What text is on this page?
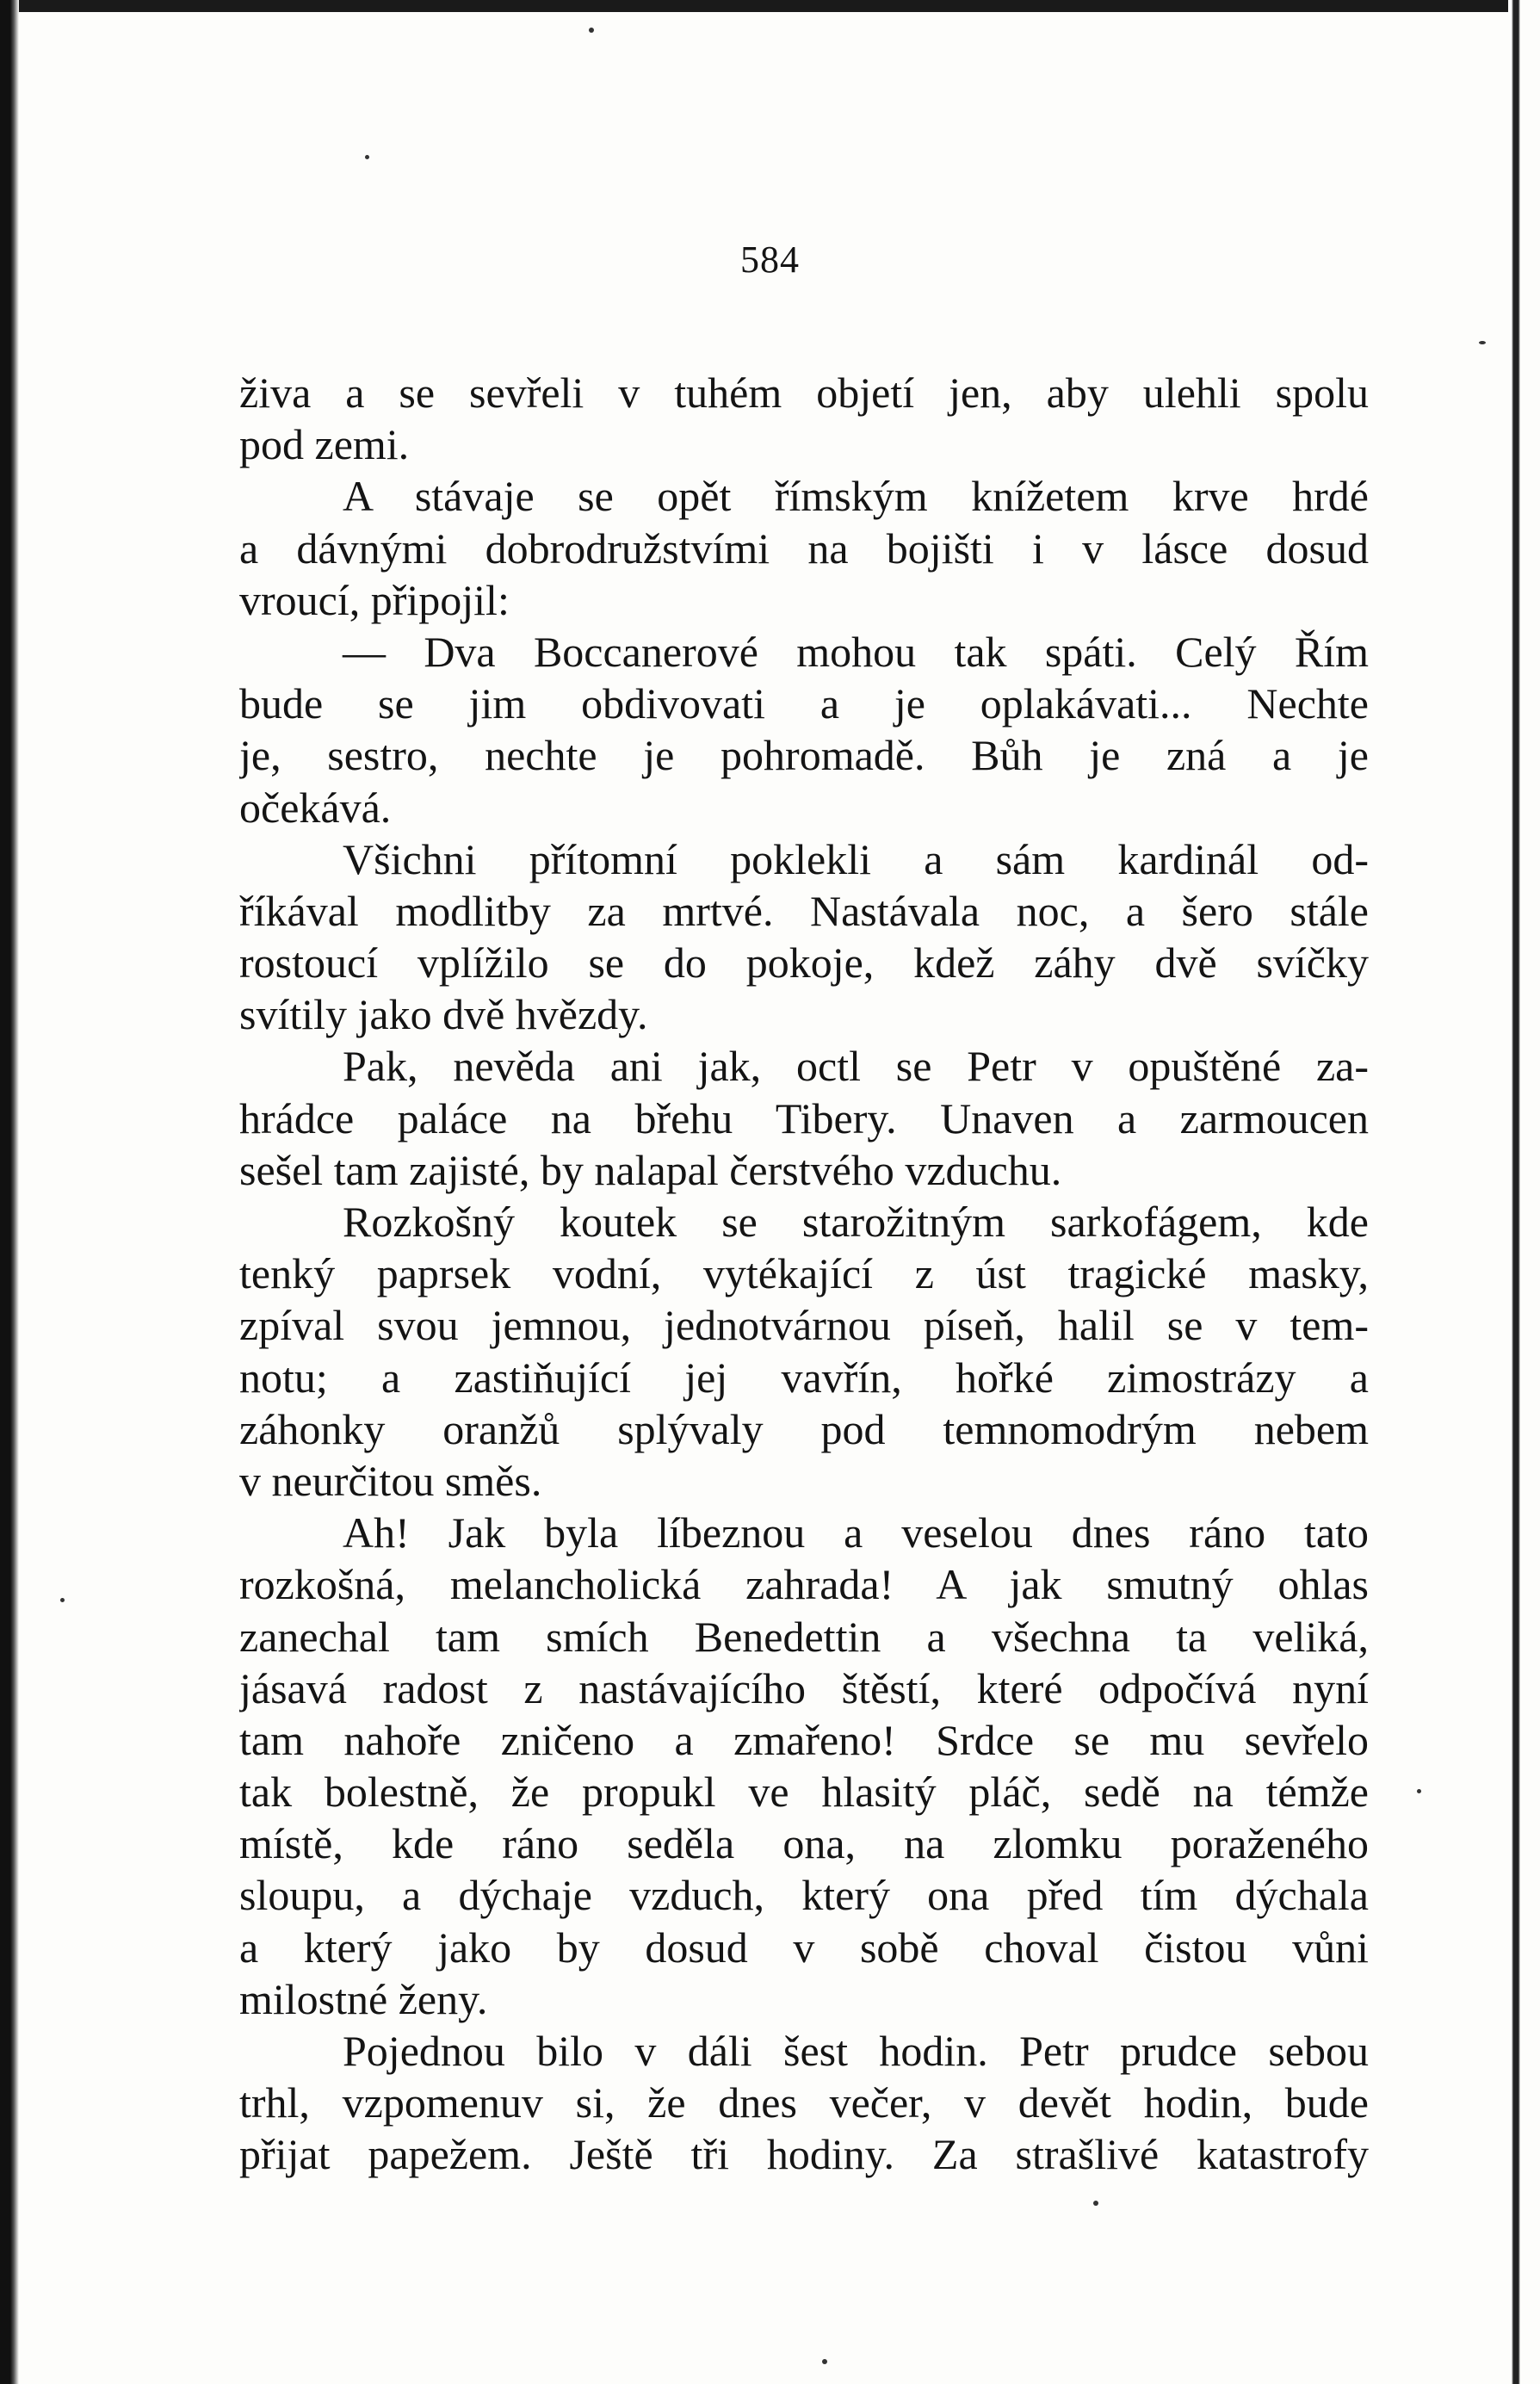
584
živa a se sevřeli v tuhém objetí jen, aby ulehli spolu
pod zemi.
A stávaje se opět římským knížetem krve hrdé
a dávnými dobrodružstvími na bojišti i v lásce dosud
vroucí, připojil:
— Dva Boccanerové mohou tak spáti. Celý Řím
bude se jim obdivovati a je oplakávati... Nechte
je, sestro, nechte je pohromadě. Bůh je zná a je
očekává.
Všichni přítomní poklekli a sám kardinál od-
říkával modlitby za mrtvé. Nastávala noc, a šero stále
rostoucí vplížilo se do pokoje, kdež záhy dvě svíčky
svítily jako dvě hvězdy.
Pak, nevěda ani jak, octl se Petr v opuštěné za-
hrádce paláce na břehu Tibery. Unaven a zarmoucen
sešel tam zajisté, by nalapal čerstvého vzduchu.
Rozkošný koutek se starožitným sarkofágem, kde
tenký paprsek vodní, vytékající z úst tragické masky,
zpíval svou jemnou, jednotvárnou píseň, halil se v tem-
notu; a zastiňující jej vavřín, hořké zimostrázy a
záhonky oranžů splývaly pod temnomodrým nebem
v neurčitou směs.
Ah! Jak byla líbeznou a veselou dnes ráno tato
rozkošná, melancholická zahrada! A jak smutný ohlas
zanechal tam smích Benedettin a všechna ta veliká,
jásavá radost z nastávajícího štěstí, které odpočívá nyní
tam nahoře zničeno a zmařeno! Srdce se mu sevřelo
tak bolestně, že propukl ve hlasitý pláč, sedě na témže
místě, kde ráno seděla ona, na zlomku poraženého
sloupu, a dýchaje vzduch, který ona před tím dýchala
a který jako by dosud v sobě choval čistou vůni
milostné ženy.
Pojednou bilo v dáli šest hodin. Petr prudce sebou
trhl, vzpomenuv si, že dnes večer, v devět hodin, bude
přijat papežem. Ještě tři hodiny. Za strašlivé katastrofy
